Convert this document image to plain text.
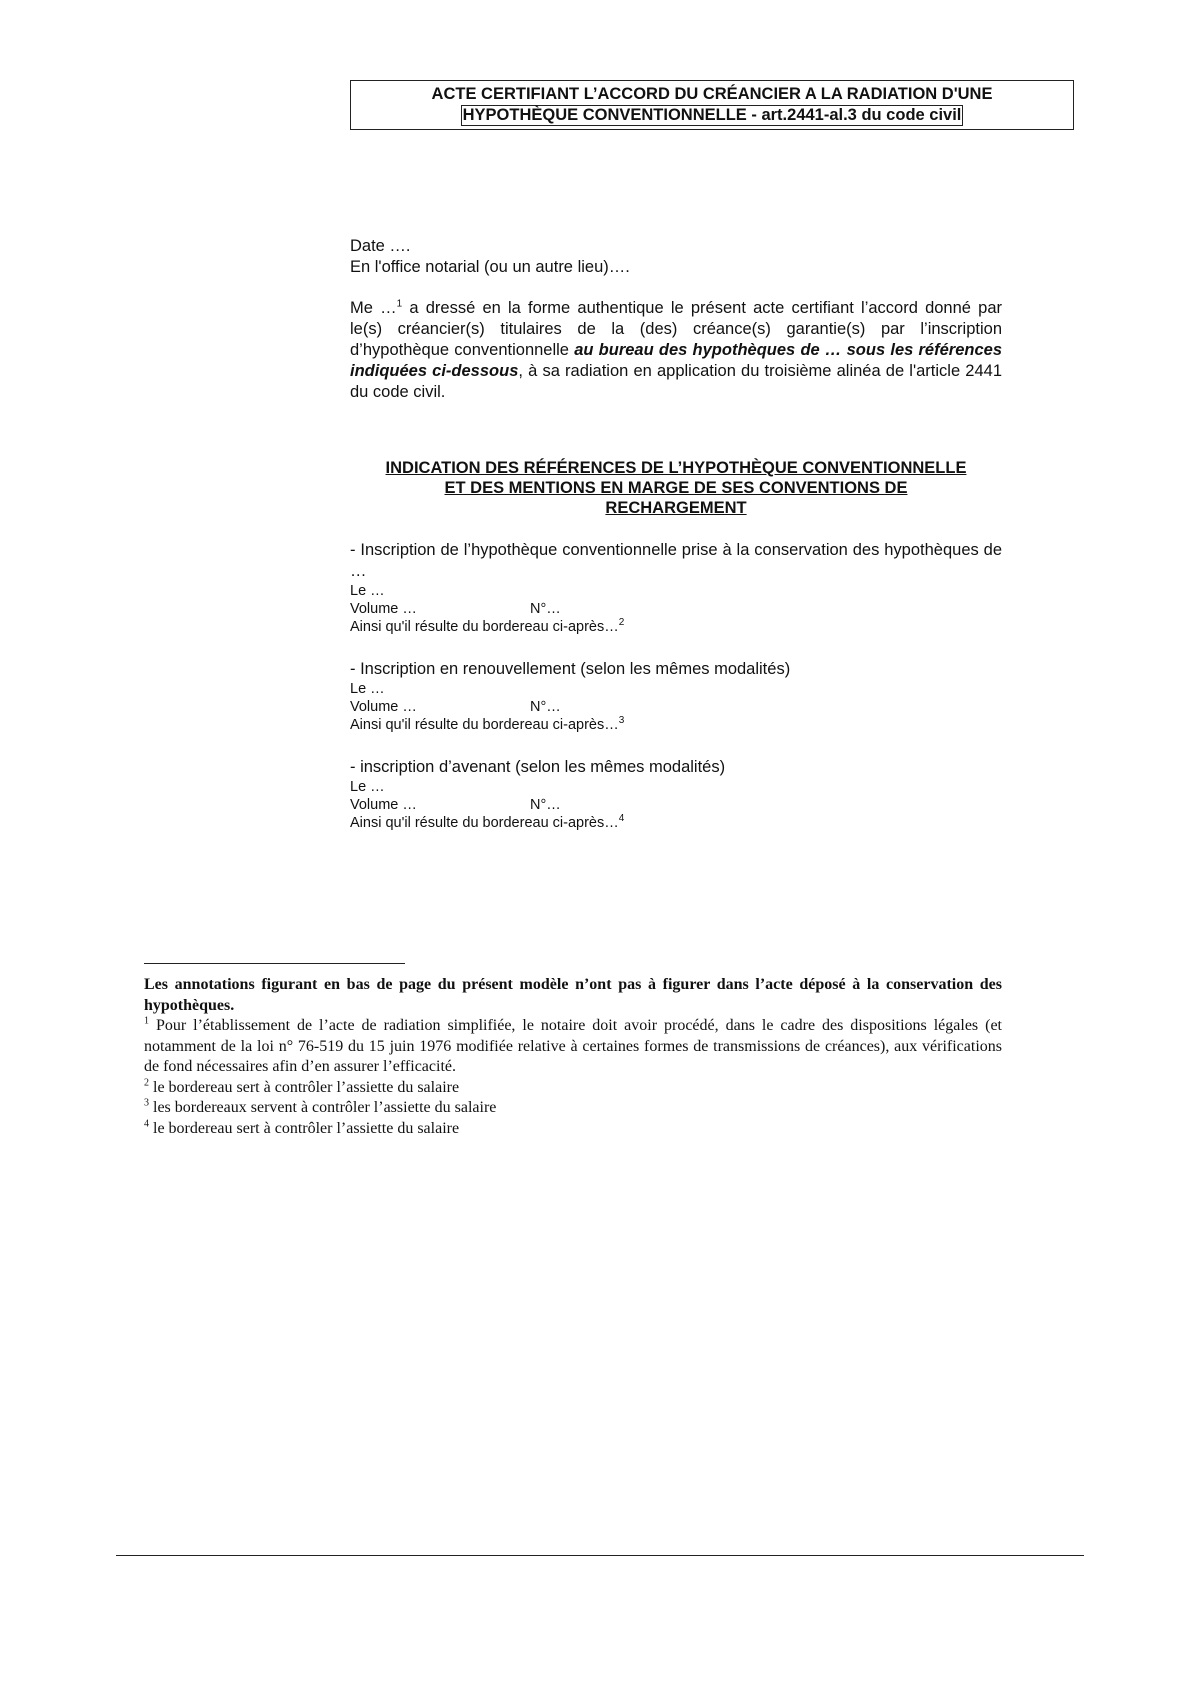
ACTE CERTIFIANT L’ACCORD DU CRÉANCIER A LA RADIATION D'UNE
HYPOTHÈQUE CONVENTIONNELLE - art.2441-al.3 du code civil
Date ….
En l'office notarial (ou un autre lieu)….
Me …$^1$ a dressé en la forme authentique le présent acte certifiant l’accord donné par le(s) créancier(s) titulaires de la (des) créance(s) garantie(s) par l’inscription d’hypothèque conventionnelle au bureau des hypothèques de … sous les références indiquées ci-dessous, à sa radiation en application du troisième alinéa de l'article 2441 du code civil.
INDICATION DES RÉFÉRENCES DE L’HYPOTHÈQUE CONVENTIONNELLE
ET DES MENTIONS EN MARGE DE SES CONVENTIONS DE
RECHARGEMENT
- Inscription de l’hypothèque conventionnelle prise à la conservation des hypothèques de …
Le …
Volume …	N°…
Ainsi qu'il résulte du bordereau ci-après…$^2$
- Inscription en renouvellement (selon les mêmes modalités)
Le …
Volume …	N°…
Ainsi qu'il résulte du bordereau ci-après…$^3$
- inscription d’avenant (selon les mêmes modalités)
Le …
Volume …	N°…
Ainsi qu'il résulte du bordereau ci-après…$^4$
Les annotations figurant en bas de page du présent modèle n’ont pas à figurer dans l’acte déposé à la conservation des hypothèques.
$^1$ Pour l’établissement de l’acte de radiation simplifiée, le notaire doit avoir procédé, dans le cadre des dispositions légales (et notamment de la loi n° 76-519 du 15 juin 1976 modifiée relative à certaines formes de transmissions de créances), aux vérifications de fond nécessaires afin d’en assurer l’efficacité.
$^2$ le bordereau sert à contrôler l’assiette du salaire
$^3$ les bordereaux servent à contrôler l’assiette du salaire
$^4$ le bordereau sert à contrôler l’assiette du salaire
